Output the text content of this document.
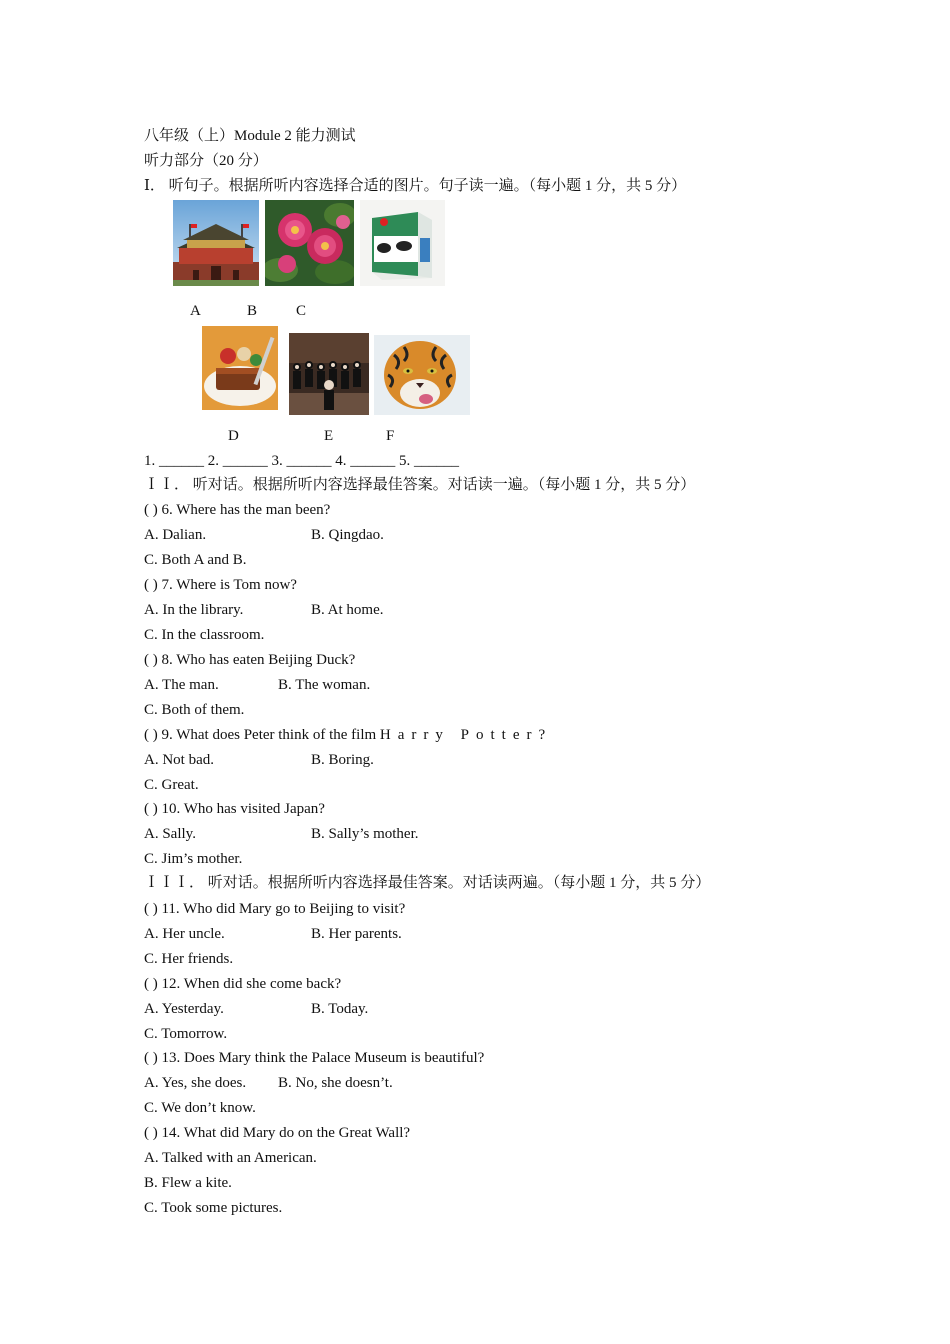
八年级（上）Module 2 能力测试
听力部分（20 分）
Ⅰ． 听句子。根据所听内容选择合适的图片。句子读一遍。（每小题 1 分，共 5 分）
A	B	C
D	E	F
1. ______ 2. ______ 3. ______ 4. ______ 5. ______
ＩＩ． 听对话。根据所听内容选择最佳答案。对话读一遍。（每小题 1 分，共 5 分）
( ) 6. Where has the man been?
A. Dalian.	B. Qingdao.
C. Both A and B.
( ) 7. Where is Tom now?
A. In the library.	B. At home.
C. In the classroom.
( ) 8. Who has eaten Beijing Duck?
A. The man.	B. The woman.
C. Both of them.
( ) 9. What does Peter think of the film Harry Potter?
A. Not bad.	B. Boring.
C. Great.
( ) 10. Who has visited Japan?
A. Sally.	B. Sally’s mother.
C. Jim’s mother.
ＩＩＩ． 听对话。根据所听内容选择最佳答案。对话读两遍。（每小题 1 分，共 5 分）
( ) 11. Who did Mary go to Beijing to visit?
A. Her uncle.	B. Her parents.
C. Her friends.
( ) 12. When did she come back?
A. Yesterday.	B. Today.
C. Tomorrow.
( ) 13. Does Mary think the Palace Museum is beautiful?
A. Yes, she does. B. No, she doesn’t.
C. We don’t know.
( ) 14. What did Mary do on the Great Wall?
A. Talked with an American.
B. Flew a kite.
C. Took some pictures.
